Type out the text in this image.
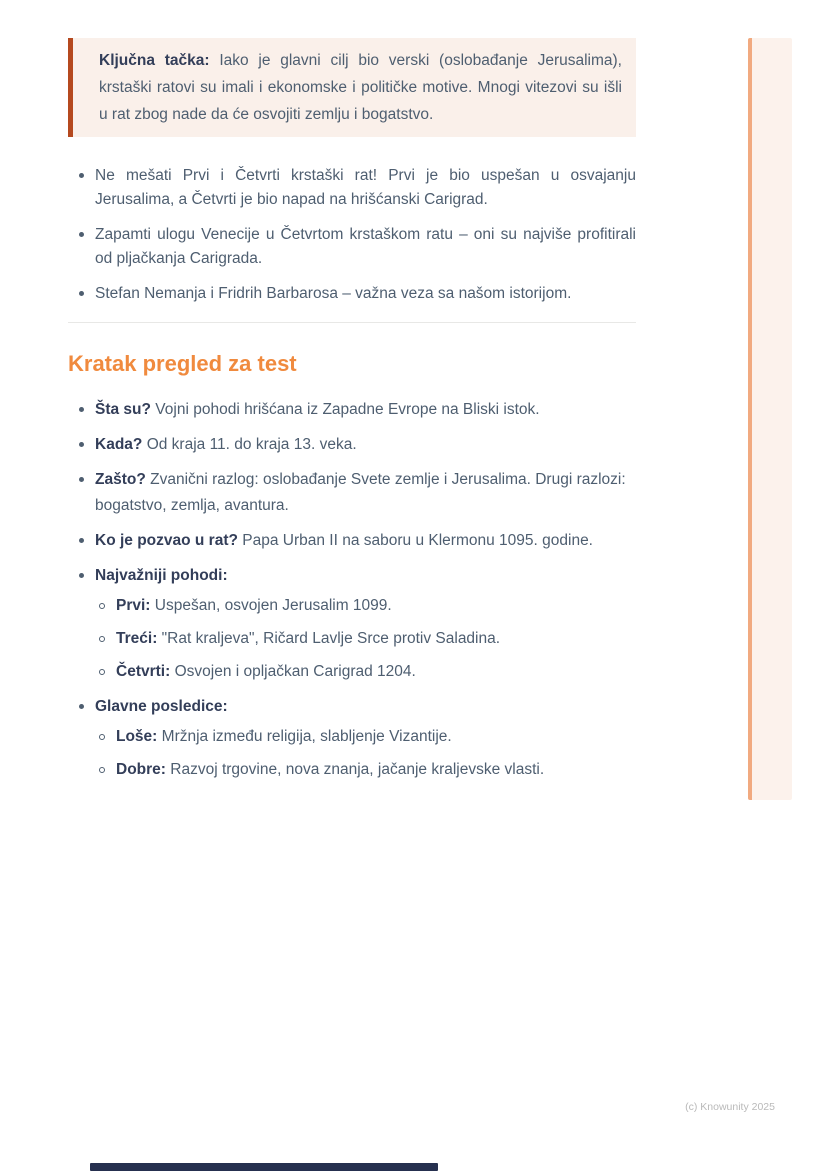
Ključna tačka: Iako je glavni cilj bio verski (oslobađanje Jerusalima), krstaški ratovi su imali i ekonomske i političke motive. Mnogi vitezovi su išli u rat zbog nade da će osvojiti zemlju i bogatstvo.

Ne mešati Prvi i Četvrti krstaški rat! Prvi je bio uspešan u osvajanju Jerusalima, a Četvrti je bio napad na hrišćanski Carigrad.
Zapamti ulogu Venecije u Četvrtom krstaškom ratu – oni su najviše profitirali od pljačkanja Carigrada.
Stefan Nemanja i Fridrih Barbarosa – važna veza sa našom istorijom.
Kratak pregled za test
Šta su? Vojni pohodi hrišćana iz Zapadne Evrope na Bliski istok.
Kada? Od kraja 11. do kraja 13. veka.
Zašto? Zvanični razlog: oslobađanje Svete zemlje i Jerusalima. Drugi razlozi: bogatstvo, zemlja, avantura.
Ko je pozvao u rat? Papa Urban II na saboru u Klermonu 1095. godine.
Najvažniji pohodi:
Prvi: Uspešan, osvojen Jerusalim 1099.
Treći: "Rat kraljeva", Ričard Lavlje Srce protiv Saladina.
Četvrti: Osvojen i opljačkan Carigrad 1204.
Glavne posledice:
Loše: Mržnja između religija, slabljenje Vizantije.
Dobre: Razvoj trgovine, nova znanja, jačanje kraljevske vlasti.
(c) Knowunity 2025
